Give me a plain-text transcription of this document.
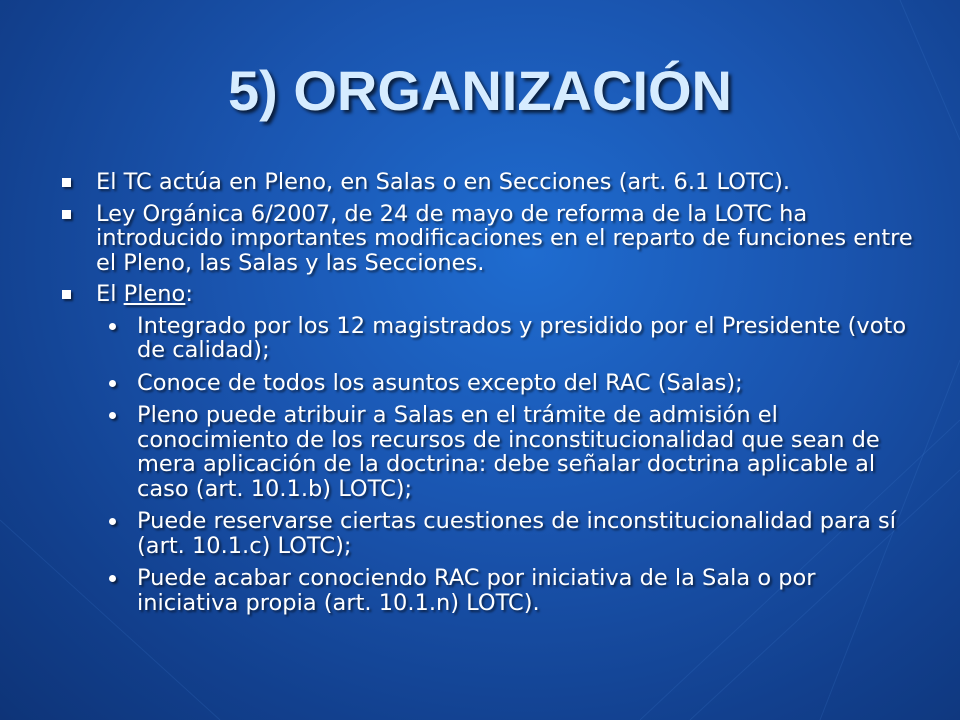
5) ORGANIZACIÓN
El TC actúa en Pleno, en Salas o en Secciones (art. 6.1 LOTC).
Ley Orgánica 6/2007, de 24 de mayo de reforma de la LOTC ha introducido importantes modificaciones en el reparto de funciones entre el Pleno, las Salas y las Secciones.
El Pleno:
Integrado por los 12 magistrados y presidido por el Presidente (voto de calidad);
Conoce de todos los asuntos excepto del RAC (Salas);
Pleno puede atribuir a Salas en el trámite de admisión el conocimiento de los recursos de inconstitucionalidad que sean de mera aplicación de la doctrina: debe señalar doctrina aplicable al caso (art. 10.1.b) LOTC);
Puede reservarse ciertas cuestiones de inconstitucionalidad para sí (art. 10.1.c) LOTC);
Puede acabar conociendo RAC por iniciativa de la Sala o por iniciativa propia (art. 10.1.n) LOTC).
